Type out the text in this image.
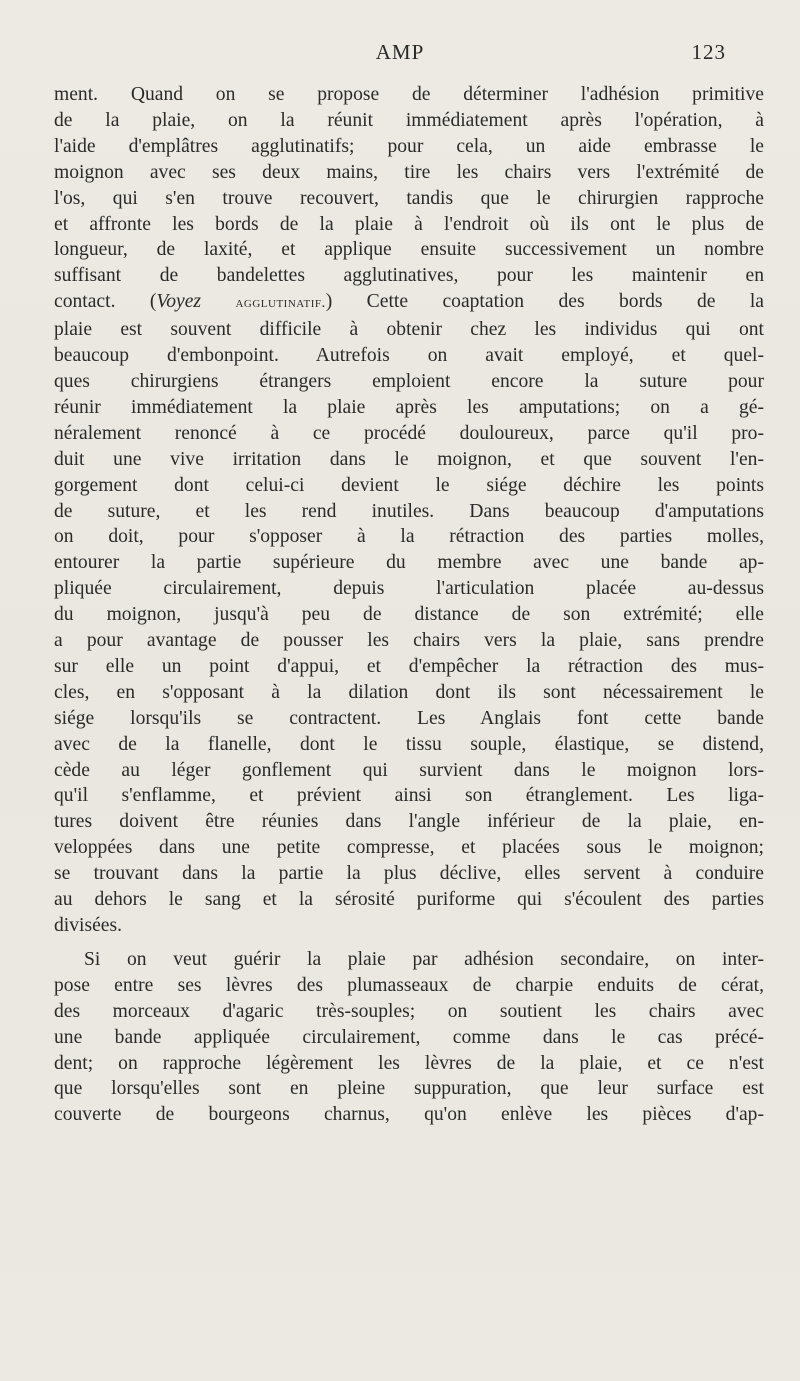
AMP	123
ment. Quand on se propose de déterminer l'adhésion primitive
de la plaie, on la réunit immédiatement après l'opération, à
l'aide d'emplâtres agglutinatifs; pour cela, un aide embrasse le
moignon avec ses deux mains, tire les chairs vers l'extrémité de
l'os, qui s'en trouve recouvert, tandis que le chirurgien rapproche
et affronte les bords de la plaie à l'endroit où ils ont le plus de
longueur, de laxité, et applique ensuite successivement un nombre
suffisant de bandelettes agglutinatives, pour les maintenir en
contact. (Voyez agglutinatif.) Cette coaptation des bords de la
plaie est souvent difficile à obtenir chez les individus qui ont
beaucoup d'embonpoint. Autrefois on avait employé, et quel-
ques chirurgiens étrangers emploient encore la suture pour
réunir immédiatement la plaie après les amputations; on a gé-
néralement renoncé à ce procédé douloureux, parce qu'il pro-
duit une vive irritation dans le moignon, et que souvent l'en-
gorgement dont celui-ci devient le siége déchire les points
de suture, et les rend inutiles. Dans beaucoup d'amputations
on doit, pour s'opposer à la rétraction des parties molles,
entourer la partie supérieure du membre avec une bande ap-
pliquée circulairement, depuis l'articulation placée au-dessus
du moignon, jusqu'à peu de distance de son extrémité; elle
a pour avantage de pousser les chairs vers la plaie, sans prendre
sur elle un point d'appui, et d'empêcher la rétraction des mus-
cles, en s'opposant à la dilation dont ils sont nécessairement le
siége lorsqu'ils se contractent. Les Anglais font cette bande
avec de la flanelle, dont le tissu souple, élastique, se distend,
cède au léger gonflement qui survient dans le moignon lors-
qu'il s'enflamme, et prévient ainsi son étranglement. Les liga-
tures doivent être réunies dans l'angle inférieur de la plaie, en-
veloppées dans une petite compresse, et placées sous le moignon;
se trouvant dans la partie la plus déclive, elles servent à conduire
au dehors le sang et la sérosité puriforme qui s'écoulent des parties
divisées.
Si on veut guérir la plaie par adhésion secondaire, on inter-
pose entre ses lèvres des plumasseaux de charpie enduits de cérat,
des morceaux d'agaric très-souples; on soutient les chairs avec
une bande appliquée circulairement, comme dans le cas précé-
dent; on rapproche légèrement les lèvres de la plaie, et ce n'est
que lorsqu'elles sont en pleine suppuration, que leur surface est
couverte de bourgeons charnus, qu'on enlève les pièces d'ap-
